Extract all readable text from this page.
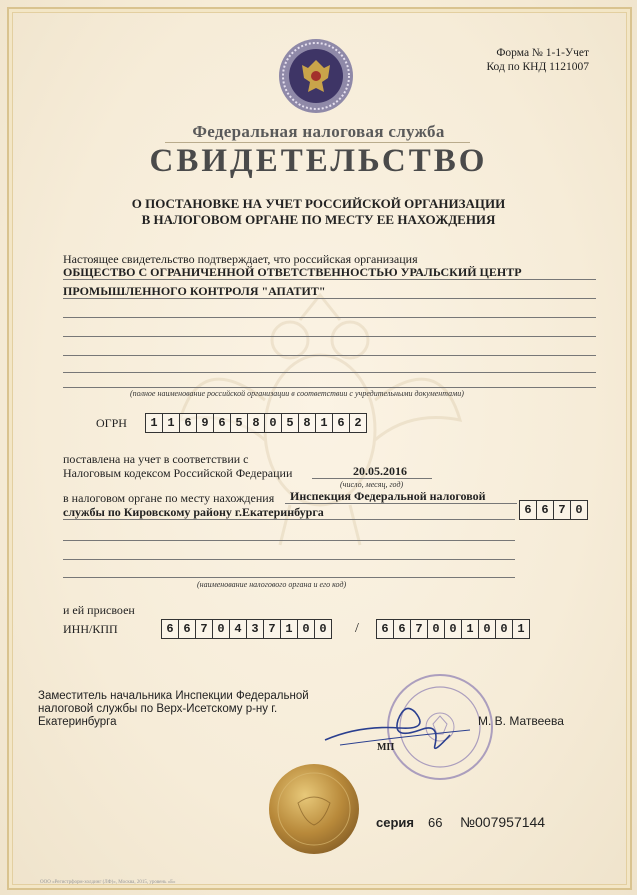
Форма № 1-1-Учет
Код по КНД 1121007
Федеральная налоговая служба
СВИДЕТЕЛЬСТВО
О ПОСТАНОВКЕ НА УЧЕТ РОССИЙСКОЙ ОРГАНИЗАЦИИ
В НАЛОГОВОМ ОРГАНЕ ПО МЕСТУ ЕЕ НАХОЖДЕНИЯ
Настоящее свидетельство подтверждает, что российская организация
ОБЩЕСТВО С ОГРАНИЧЕННОЙ ОТВЕТСТВЕННОСТЬЮ УРАЛЬСКИЙ ЦЕНТР
ПРОМЫШЛЕННОГО КОНТРОЛЯ "АПАТИТ"
(полное наименование российской организации в соответствии с учредительными документами)
ОГРН	1 1 6 9 6 5 8 0 5 8 1 6 2
поставлена на учет в соответствии с
Налоговым кодексом Российской Федерации	20.05.2016
(число, месяц, год)
в налоговом органе по месту нахождения Инспекция Федеральной налоговой
службы по Кировскому району г.Екатеринбурга	6 6 7 0
(наименование налогового органа и его код)
и ей присвоен
ИНН/КПП	6 6 7 0 4 3 7 1 0 0	/	6 6 7 0 0 1 0 0 1
Заместитель начальника Инспекции Федеральной
налоговой службы по Верх-Исетскому р-ну г.
Екатеринбурга
МП
М. В. Матвеева
серия 66 №007957144
ООО «Регистрформ-холдинг (ЛФ)», Москва, 2015, уровень «Б»
